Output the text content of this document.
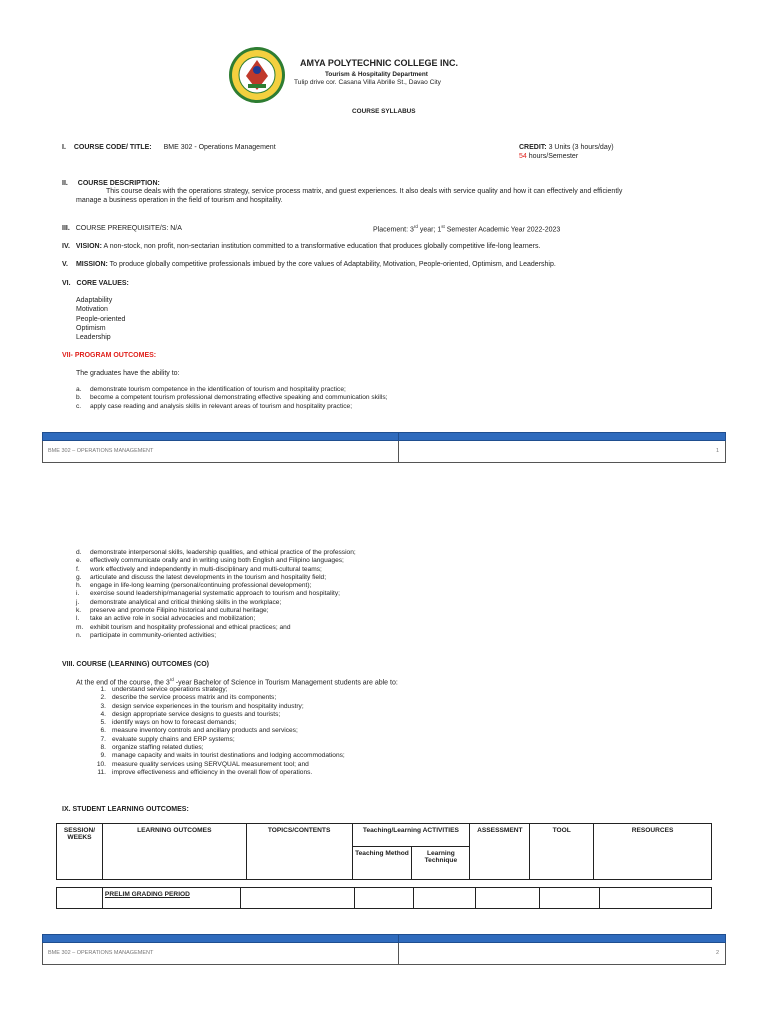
AMYA POLYTECHNIC COLLEGE INC.
Tourism & Hospitality Department
Tulip drive cor. Casana Villa Abrille St., Davao City
COURSE SYLLABUS
I. COURSE CODE/ TITLE: BME 302 - Operations Management	CREDIT: 3 Units (3 hours/day)
54 hours/Semester
II. COURSE DESCRIPTION:
This course deals with the operations strategy, service process matrix, and guest experiences. It also deals with service quality and how it can effectively and efficiently
manage a business operation in the field of tourism and hospitality.
III. COURSE PREREQUISITE/S: N/A	Placement: 3rd year; 1st Semester Academic Year 2022-2023
IV. VISION: A non-stock, non profit, non-sectarian institution committed to a transformative education that produces globally competitive life-long learners.
V. MISSION: To produce globally competitive professionals imbued by the core values of Adaptability, Motivation, People-oriented, Optimism, and Leadership.
VI. CORE VALUES:
Adaptability
Motivation
People-oriented
Optimism
Leadership
VII- PROGRAM OUTCOMES:
The graduates have the ability to:
a.	demonstrate tourism competence in the identification of tourism and hospitality practice;
b.	become a competent tourism professional demonstrating effective speaking and communication skills;
c.	apply case reading and analysis skills in relevant areas of tourism and hospitality practice;
BME 302 – OPERATIONS MANAGEMENT	1
d.	demonstrate interpersonal skills, leadership qualities, and ethical practice of the profession;
e.	effectively communicate orally and in writing using both English and Filipino languages;
f.	work effectively and independently in multi-disciplinary and multi-cultural teams;
g.	articulate and discuss the latest developments in the tourism and hospitality field;
h.	engage in life-long learning (personal/continuing professional development);
i.	exercise sound leadership/managerial systematic approach to tourism and hospitality;
j.	demonstrate analytical and critical thinking skills in the workplace;
k.	preserve and promote Filipino historical and cultural heritage;
l.	take an active role in social advocacies and mobilization;
m.	exhibit tourism and hospitality professional and ethical practices; and
n.	participate in community-oriented activities;
VIII. COURSE (LEARNING) OUTCOMES (CO)
At the end of the course, the 3rd -year Bachelor of Science in Tourism Management students are able to:
1. understand service operations strategy;
2. describe the service process matrix and its components;
3. design service experiences in the tourism and hospitality industry;
4. design appropriate service designs to guests and tourists;
5. identify ways on how to forecast demands;
6. measure inventory controls and ancillary products and services;
7. evaluate supply chains and ERP systems;
8. organize staffing related duties;
9. manage capacity and waits in tourist destinations and lodging accommodations;
10. measure quality services using SERVQUAL measurement tool; and
11. improve effectiveness and efficiency in the overall flow of operations.
IX. STUDENT LEARNING OUTCOMES:
SESSION/ WEEKS	LEARNING OUTCOMES	TOPICS/CONTENTS	Teaching/Learning ACTIVITIES		ASSESSMENT	TOOL	RESOURCES
			Teaching Method	Learning Technique			
	PRELIM GRADING PERIOD						
BME 302 – OPERATIONS MANAGEMENT	2
